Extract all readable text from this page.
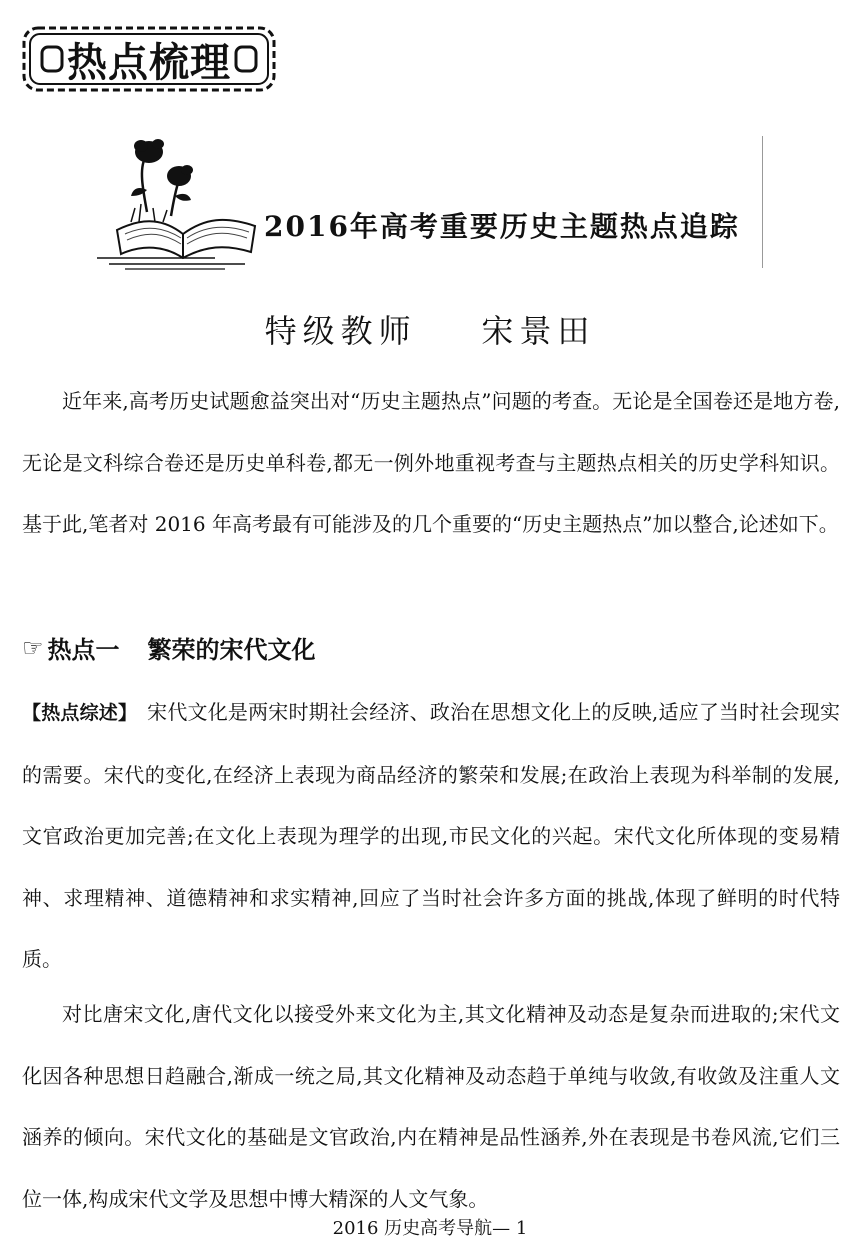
热点梳理
2016年高考重要历史主题热点追踪
特级教师    宋景田
近年来,高考历史试题愈益突出对“历史主题热点”问题的考查。无论是全国卷还是地方卷,无论是文科综合卷还是历史单科卷,都无一例外地重视考查与主题热点相关的历史学科知识。基于此,笔者对 2016 年高考最有可能涉及的几个重要的“历史主题热点”加以整合,论述如下。
☞ 热点一 繁荣的宋代文化
【热点综述】 宋代文化是两宋时期社会经济、政治在思想文化上的反映,适应了当时社会现实的需要。宋代的变化,在经济上表现为商品经济的繁荣和发展;在政治上表现为科举制的发展,文官政治更加完善;在文化上表现为理学的出现,市民文化的兴起。宋代文化所体现的变易精神、求理精神、道德精神和求实精神,回应了当时社会许多方面的挑战,体现了鲜明的时代特质。
对比唐宋文化,唐代文化以接受外来文化为主,其文化精神及动态是复杂而进取的;宋代文化因各种思想日趋融合,渐成一统之局,其文化精神及动态趋于单纯与收敛,有收敛及注重人文涵养的倾向。宋代文化的基础是文官政治,内在精神是品性涵养,外在表现是书卷风流,它们三位一体,构成宋代文学及思想中博大精深的人文气象。
2016 历史高考导航— 1
